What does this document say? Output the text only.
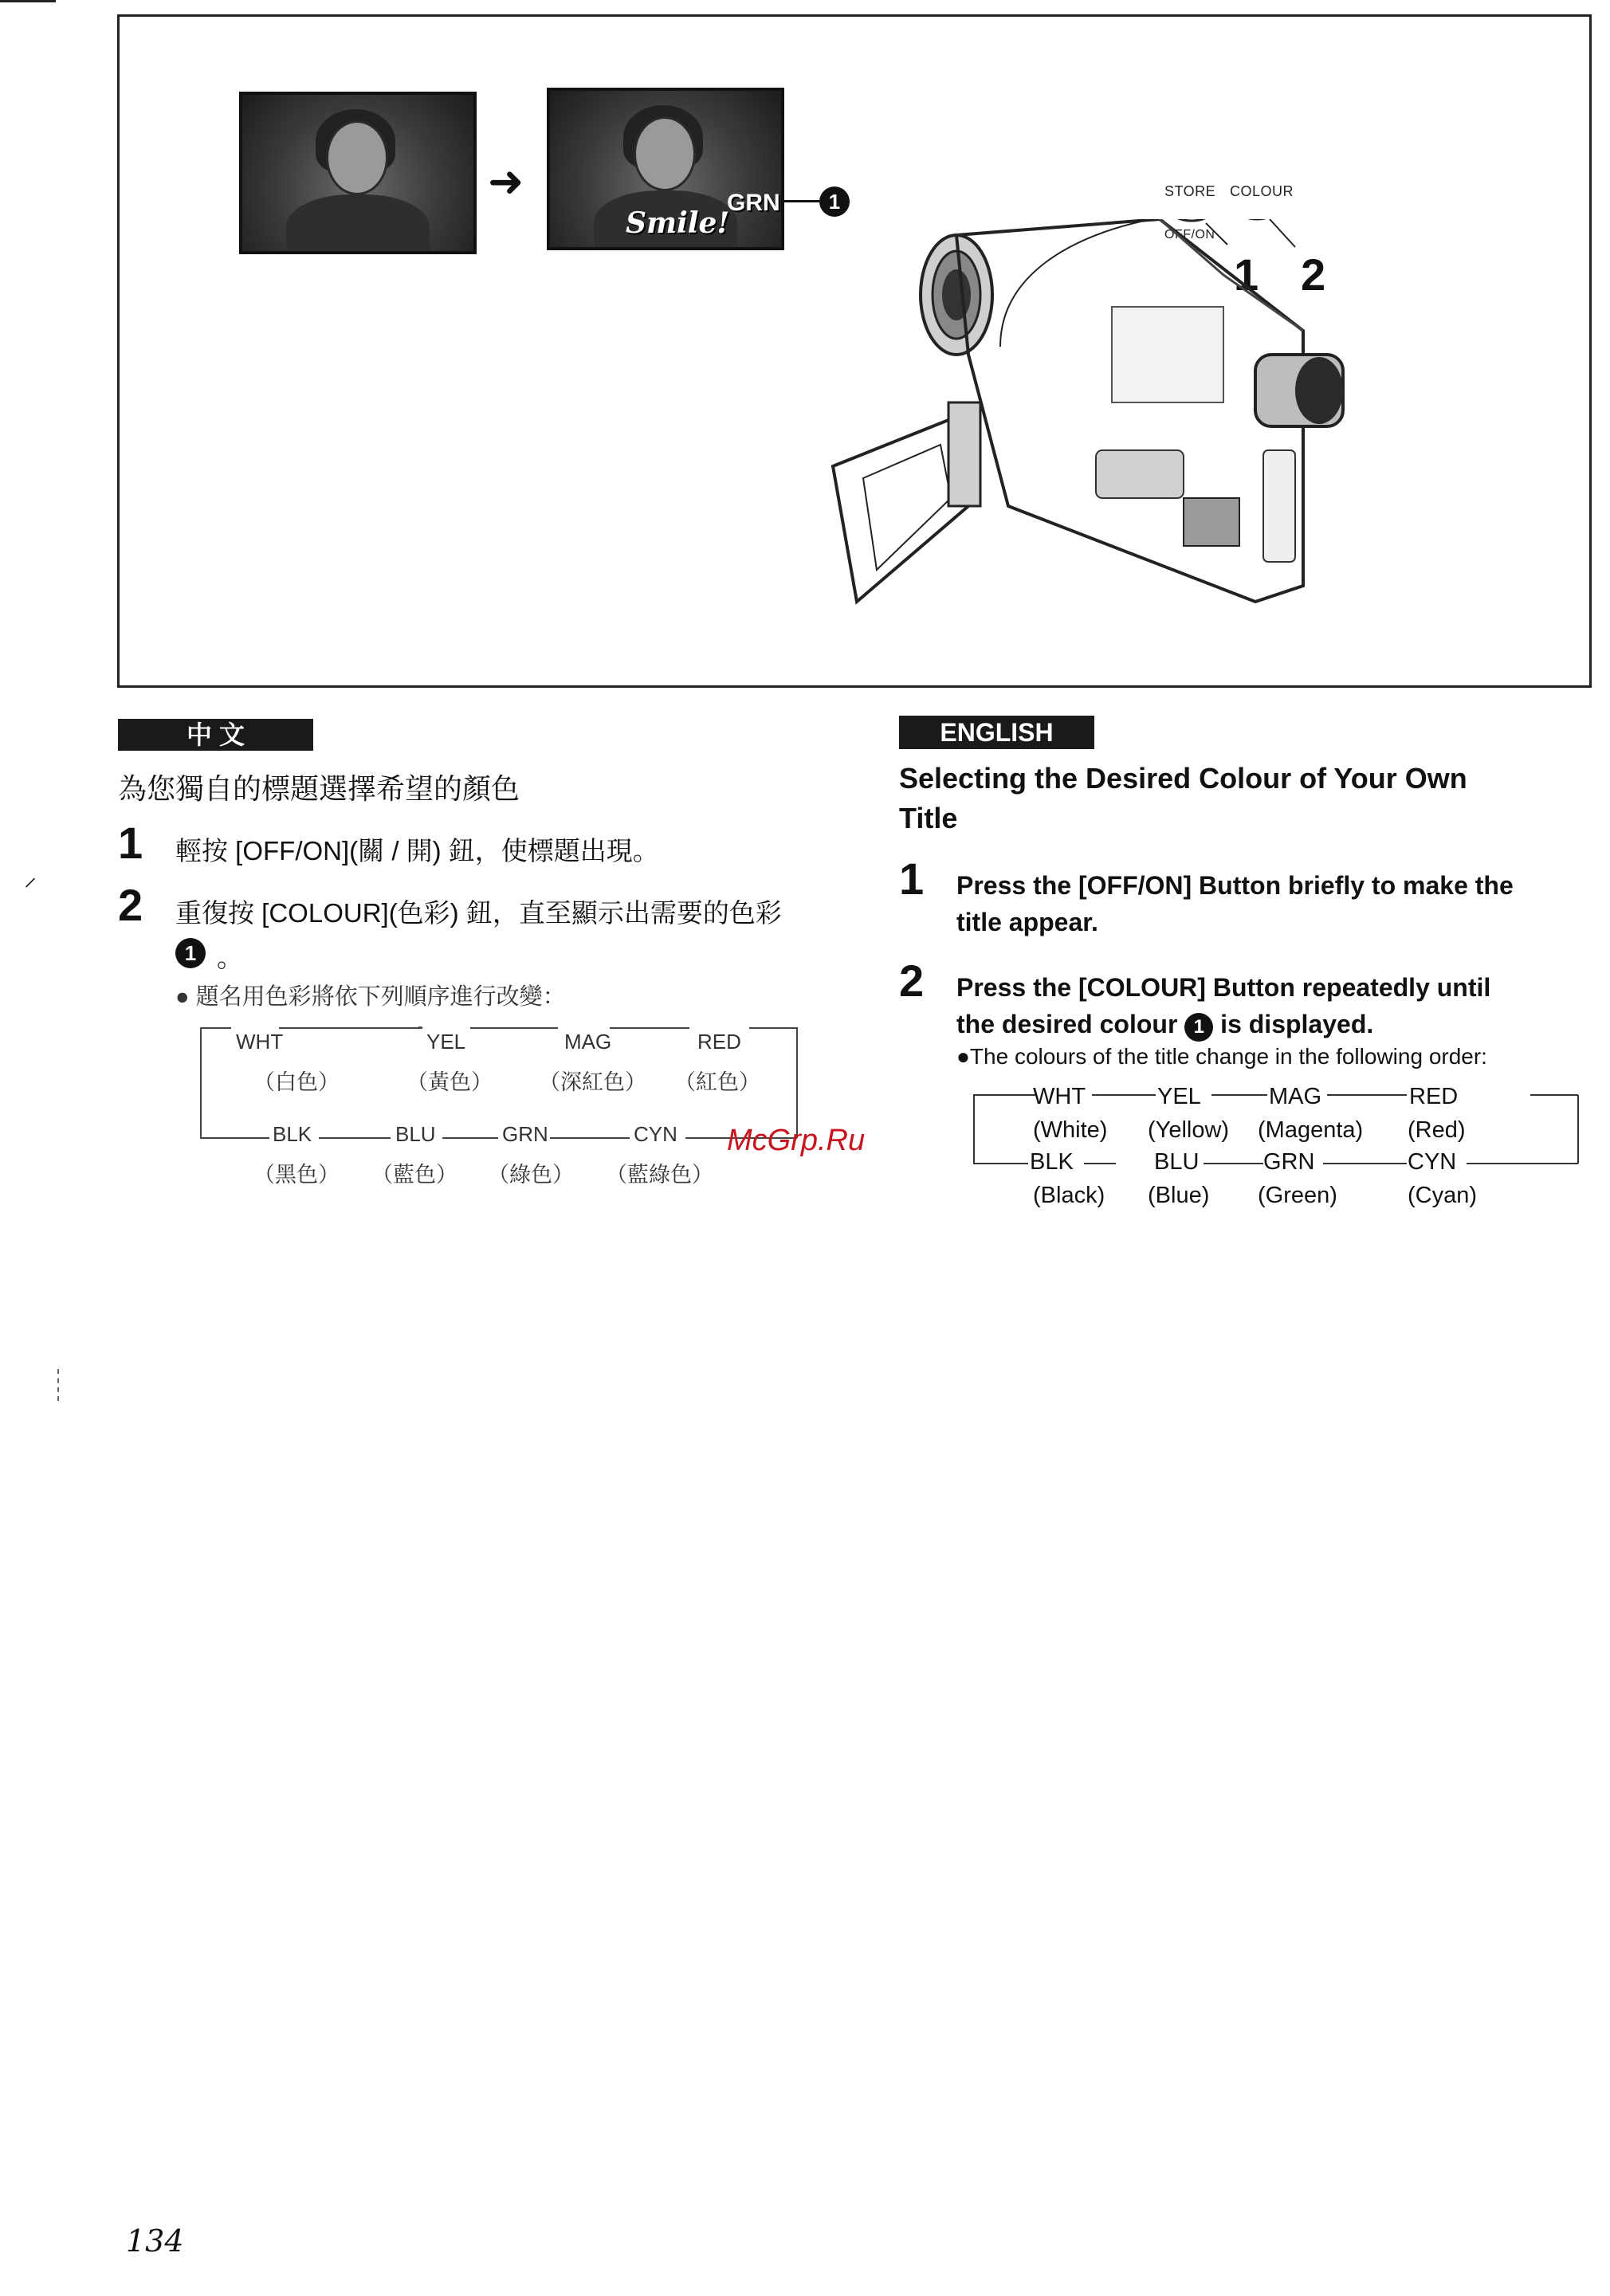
➜
Smile!
GRN	1	STORE COLOUR
OFF/ON
1 2
中 文
為您獨自的標題選擇希望的顏色
1 輕按 [OFF/ON](關 / 開) 鈕，使標題出現。
2 重復按 [COLOUR](色彩) 鈕，直至顯示出需要的色彩
1 。
● 題名用色彩將依下列順序進行改變：
WHT	YEL	MAG	RED
（白色）	（黃色） （深紅色） （紅色）
BLK	BLU	GRN	CYN
（黑色） （藍色） （綠色） （藍綠色）
ENGLISH
Selecting the Desired Colour of Your Own
Title
1 Press the [OFF/ON] Button briefly to make the
title appear.
2 Press the [COLOUR] Button repeatedly until
the desired colour 1 is displayed.
●The colours of the title change in the following order:
WHT	YEL	MAG	RED
(White) (Yellow) (Magenta) (Red)
BLK	BLU	GRN	CYN
(Black) (Blue) (Green)	(Cyan)
McGrp.Ru
⸝
134
